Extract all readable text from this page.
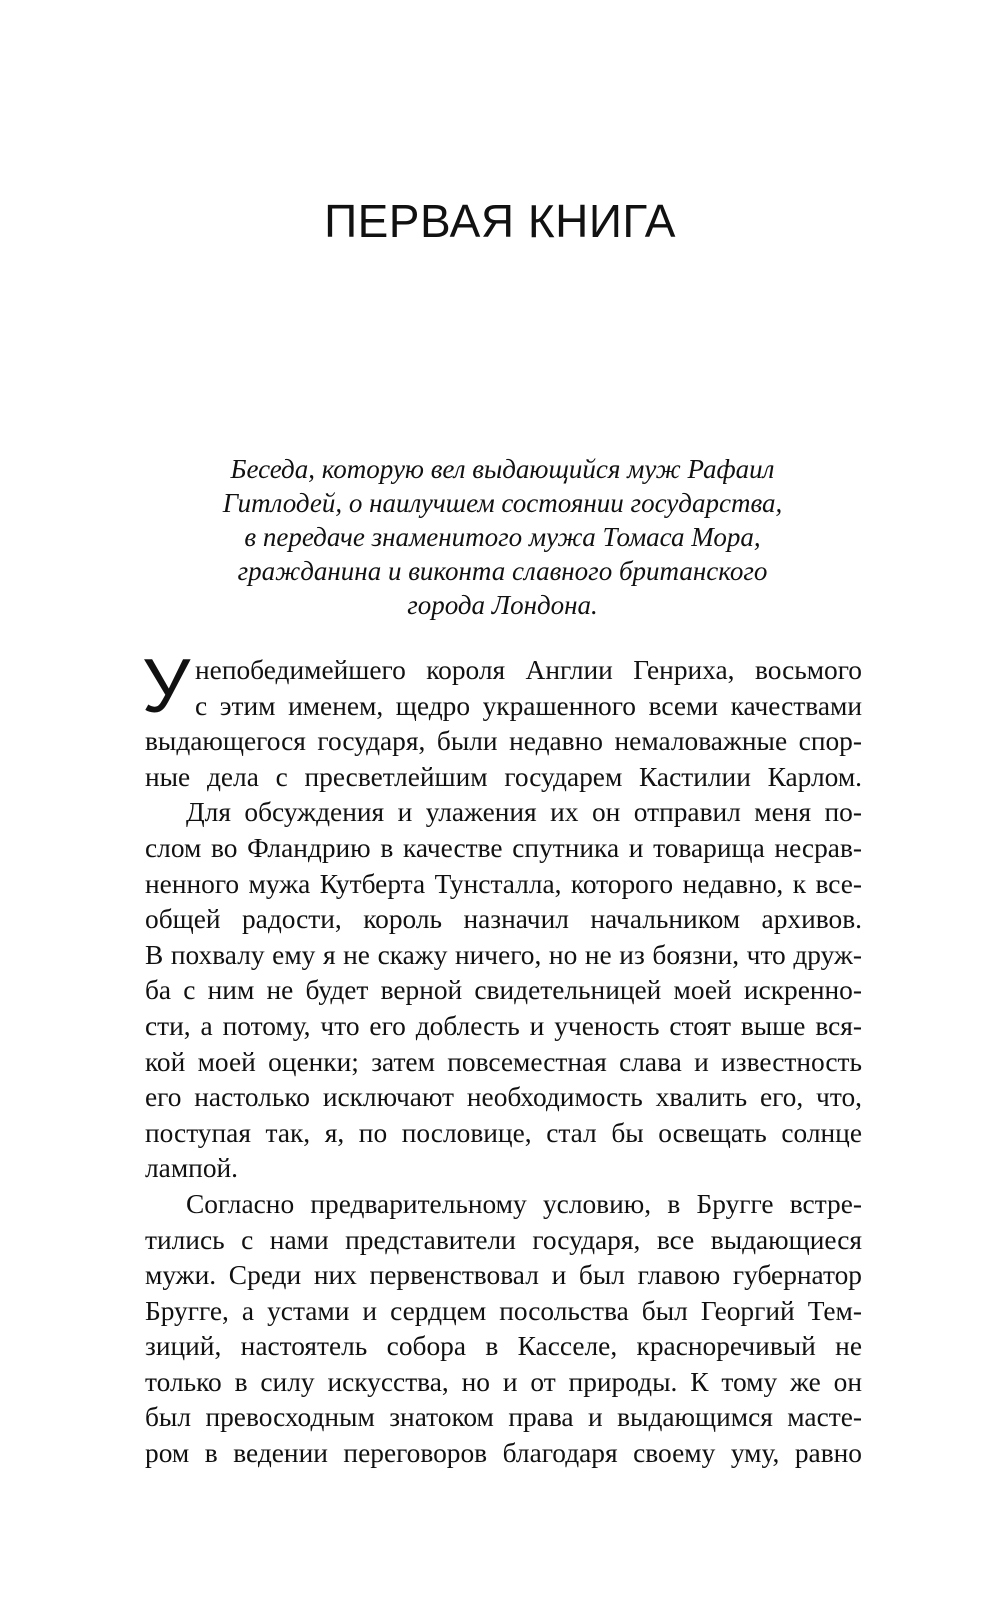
ПЕРВАЯ КНИГА
Беседа, которую вел выдающийся муж Рафаил
Гитлодей, о наилучшем состоянии государства,
в передаче знаменитого мужа Томаса Мора,
гражданина и виконта славного британского
города Лондона.
У непобедимейшего короля Англии Генриха, восьмого
с этим именем, щедро украшенного всеми качествами
выдающегося государя, были недавно немаловажные спор-
ные дела с пресветлейшим государем Кастилии Карлом.
Для обсуждения и улажения их он отправил меня по-
слом во Фландрию в качестве спутника и товарища несрав-
ненного мужа Кутберта Тунсталла, которого недавно, к все-
общей радости, король назначил начальником архивов.
В похвалу ему я не скажу ничего, но не из боязни, что друж-
ба с ним не будет верной свидетельницей моей искренно-
сти, а потому, что его доблесть и ученость стоят выше вся-
кой моей оценки; затем повсеместная слава и известность
его настолько исключают необходимость хвалить его, что,
поступая так, я, по пословице, стал бы освещать солнце
лампой.
Согласно предварительному условию, в Бругге встре-
тились с нами представители государя, все выдающиеся
мужи. Среди них первенствовал и был главою губернатор
Бругге, а устами и сердцем посольства был Георгий Тем-
зиций, настоятель собора в Касселе, красноречивый не
только в силу искусства, но и от природы. К тому же он
был превосходным знатоком права и выдающимся масте-
ром в ведении переговоров благодаря своему уму, равно
